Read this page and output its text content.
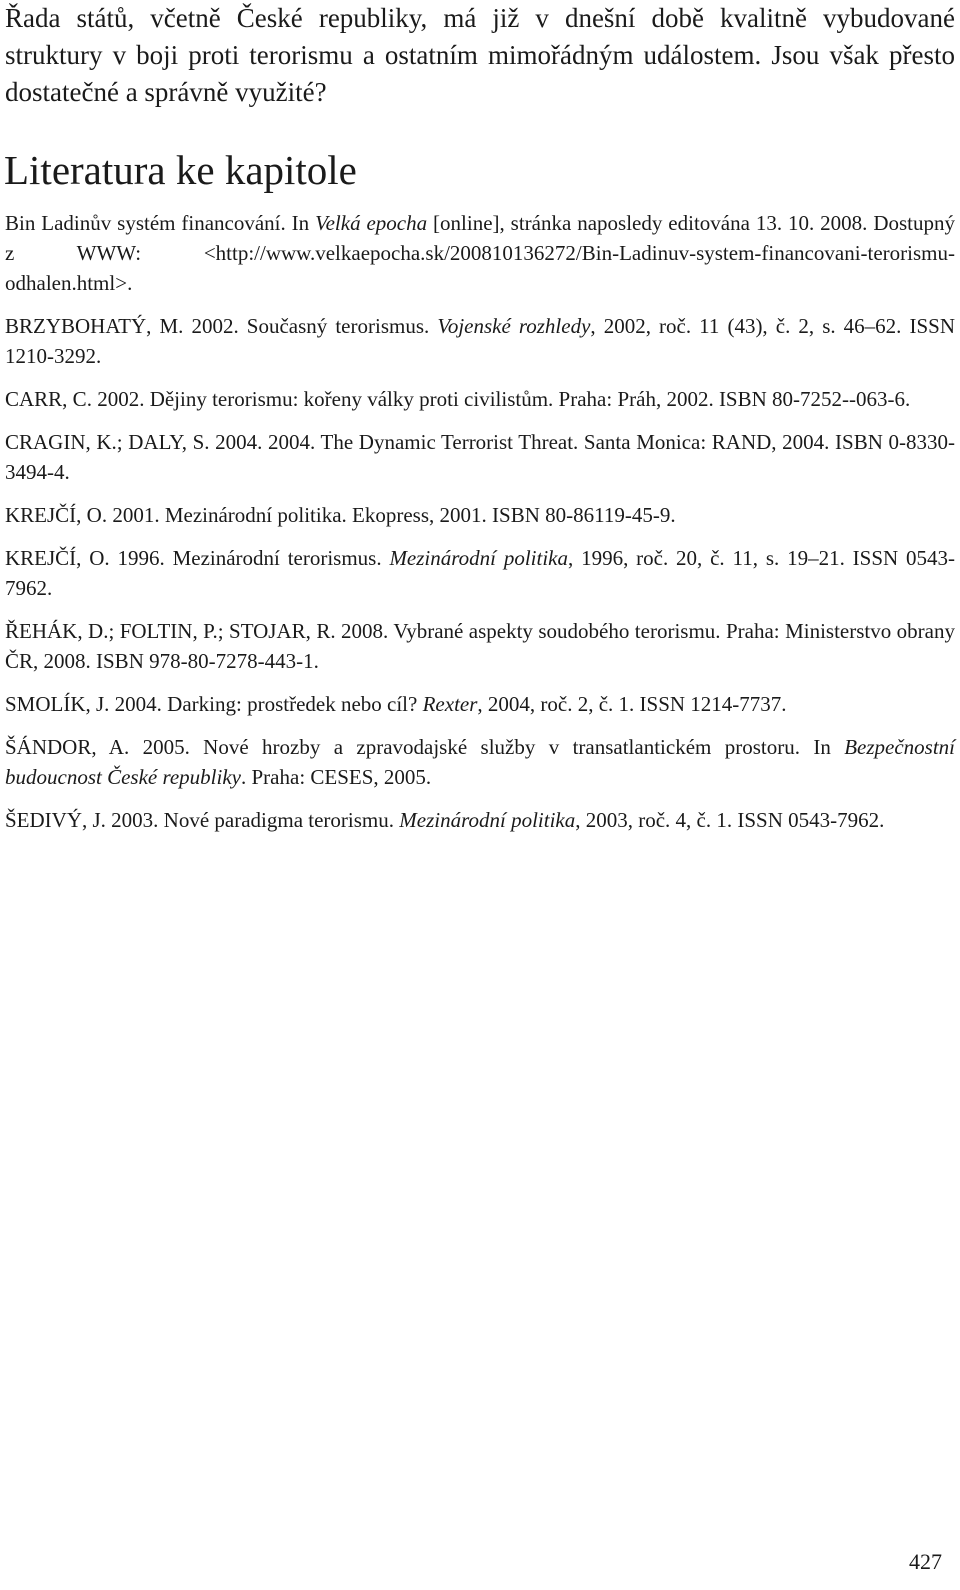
Řada států, včetně České republiky, má již v dnešní době kvalitně vybudované struktury v boji proti terorismu a ostatním mimořádným událostem. Jsou však přesto dostatečné a správně využité?

Literatura ke kapitole
Bin Ladinův systém financování. In Velká epocha [online], stránka naposledy editována 13. 10. 2008. Dostupný z WWW: <http://www.velkaepocha.sk/200810136272/Bin-Ladinuv-system-financovani-terorismu-odhalen.html>.
BRZYBOHATÝ, M. 2002. Současný terorismus. Vojenské rozhledy, 2002, roč. 11 (43), č. 2, s. 46–62. ISSN 1210-3292.
CARR, C. 2002. Dějiny terorismu: kořeny války proti civilistům. Praha: Práh, 2002. ISBN 80-7252--063-6.
CRAGIN, K.; DALY, S. 2004. 2004. The Dynamic Terrorist Threat. Santa Monica: RAND, 2004. ISBN 0-8330-3494-4.
KREJČÍ, O. 2001. Mezinárodní politika. Ekopress, 2001. ISBN 80-86119-45-9.
KREJČÍ, O. 1996. Mezinárodní terorismus. Mezinárodní politika, 1996, roč. 20, č. 11, s. 19–21. ISSN 0543-7962.
ŘEHÁK, D.; FOLTIN, P.; STOJAR, R. 2008. Vybrané aspekty soudobého terorismu. Praha: Ministerstvo obrany ČR, 2008. ISBN 978-80-7278-443-1.
SMOLÍK, J. 2004. Darking: prostředek nebo cíl? Rexter, 2004, roč. 2, č. 1. ISSN 1214-7737.
ŠÁNDOR, A. 2005. Nové hrozby a zpravodajské služby v transatlantickém prostoru. In Bezpečnostní budoucnost České republiky. Praha: CESES, 2005.
ŠEDIVÝ, J. 2003. Nové paradigma terorismu. Mezinárodní politika, 2003, roč. 4, č. 1. ISSN 0543-7962.
427
